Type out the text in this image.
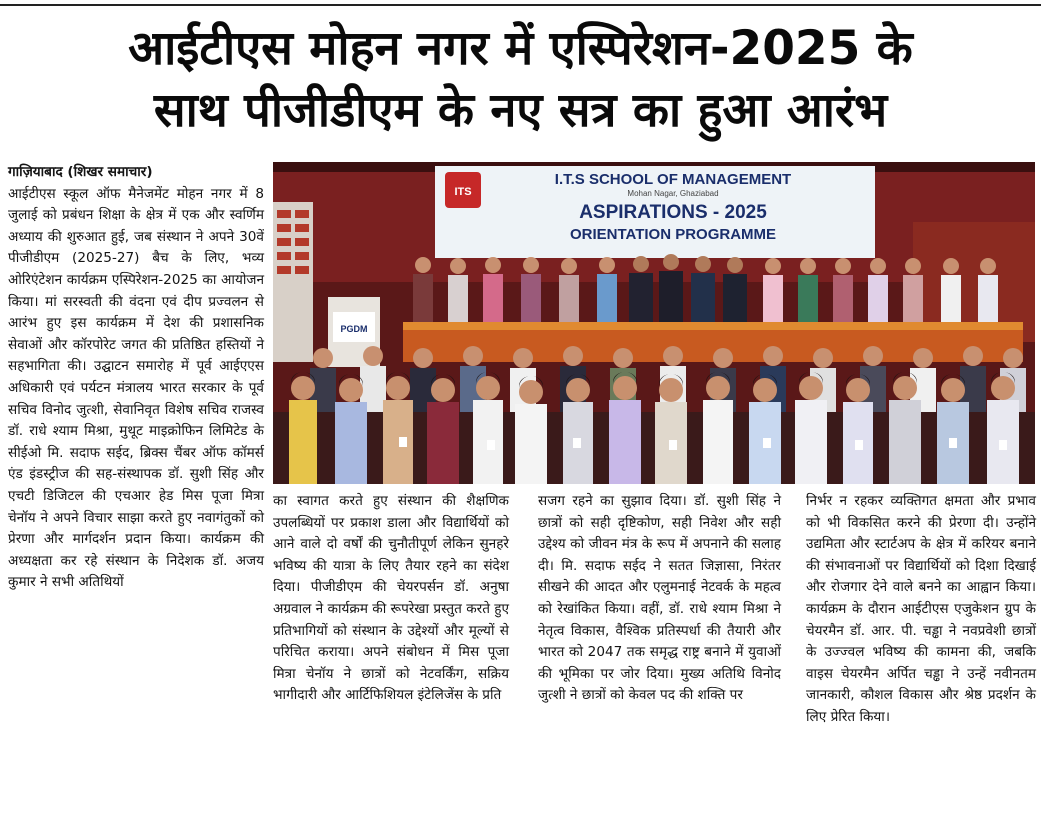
आईटीएस मोहन नगर में एस्पिरेशन-2025 के
साथ पीजीडीएम के नए सत्र का हुआ आरंभ

गाज़ियाबाद (शिखर समाचार)

आईटीएस स्कूल ऑफ मैनेजमेंट मोहन नगर में 8 जुलाई को प्रबंधन शिक्षा के क्षेत्र में एक और स्वर्णिम अध्याय की शुरुआत हुई, जब संस्थान ने अपने 30वें पीजीडीएम (2025-27) बैच के लिए, भव्य ओरिएंटेशन कार्यक्रम एस्पिरेशन-2025 का आयोजन किया। मां सरस्वती की वंदना एवं दीप प्रज्वलन से आरंभ हुए इस कार्यक्रम में देश की प्रशासनिक सेवाओं और कॉरपोरेट जगत की प्रतिष्ठित हस्तियों ने सहभागिता की। उद्घाटन समारोह में पूर्व आईएएस अधिकारी एवं पर्यटन मंत्रालय भारत सरकार के पूर्व सचिव विनोद जुत्शी, सेवानिवृत विशेष सचिव राजस्व डॉ. राधे श्याम मिश्रा, मुथूट माइक्रोफिन लिमिटेड के सीईओ मि. सदाफ सईद, ब्रिक्स चैंबर ऑफ कॉमर्स एंड इंडस्ट्रीज की सह-संस्थापक डॉ. सुशी सिंह और एचटी डिजिटल की एचआर हेड मिस पूजा मित्रा चेनॉय ने अपने विचार साझा करते हुए नवागंतुकों को प्रेरणा और मार्गदर्शन प्रदान किया। कार्यक्रम की अध्यक्षता कर रहे संस्थान के निदेशक डॉ. अजय कुमार ने सभी अतिथियों

ITS
I.T.S SCHOOL OF MANAGEMENT
Mohan Nagar, Ghaziabad
ASPIRATIONS - 2025
ORIENTATION PROGRAMME
PGDM

का स्वागत करते हुए संस्थान की शैक्षणिक उपलब्धियों पर प्रकाश डाला और विद्यार्थियों को आने वाले दो वर्षों की चुनौतीपूर्ण लेकिन सुनहरे भविष्य की यात्रा के लिए तैयार रहने का संदेश दिया। पीजीडीएम की चेयरपर्सन डॉ. अनुषा अग्रवाल ने कार्यक्रम की रूपरेखा प्रस्तुत करते हुए प्रतिभागियों को संस्थान के उद्देश्यों और मूल्यों से परिचित कराया। अपने संबोधन में मिस पूजा मित्रा चेनॉय ने छात्रों को नेटवर्किंग, सक्रिय भागीदारी और आर्टिफिशियल इंटेलिजेंस के प्रति

सजग रहने का सुझाव दिया। डॉ. सुशी सिंह ने छात्रों को सही दृष्टिकोण, सही निवेश और सही उद्देश्य को जीवन मंत्र के रूप में अपनाने की सलाह दी। मि. सदाफ सईद ने सतत जिज्ञासा, निरंतर सीखने की आदत और एलुमनाई नेटवर्क के महत्व को रेखांकित किया। वहीं, डॉ. राधे श्याम मिश्रा ने नेतृत्व विकास, वैश्विक प्रतिस्पर्धा की तैयारी और भारत को 2047 तक समृद्ध राष्ट्र बनाने में युवाओं की भूमिका पर जोर दिया। मुख्य अतिथि विनोद जुत्शी ने छात्रों को केवल पद की शक्ति पर

निर्भर न रहकर व्यक्तिगत क्षमता और प्रभाव को भी विकसित करने की प्रेरणा दी। उन्होंने उद्यमिता और स्टार्टअप के क्षेत्र में करियर बनाने की संभावनाओं पर विद्यार्थियों को दिशा दिखाई और रोजगार देने वाले बनने का आह्वान किया। कार्यक्रम के दौरान आईटीएस एजुकेशन ग्रुप के चेयरमैन डॉ. आर. पी. चड्ढा ने नवप्रवेशी छात्रों के उज्ज्वल भविष्य की कामना की, जबकि वाइस चेयरमैन अर्पित चड्ढा ने उन्हें नवीनतम जानकारी, कौशल विकास और श्रेष्ठ प्रदर्शन के लिए प्रेरित किया।
